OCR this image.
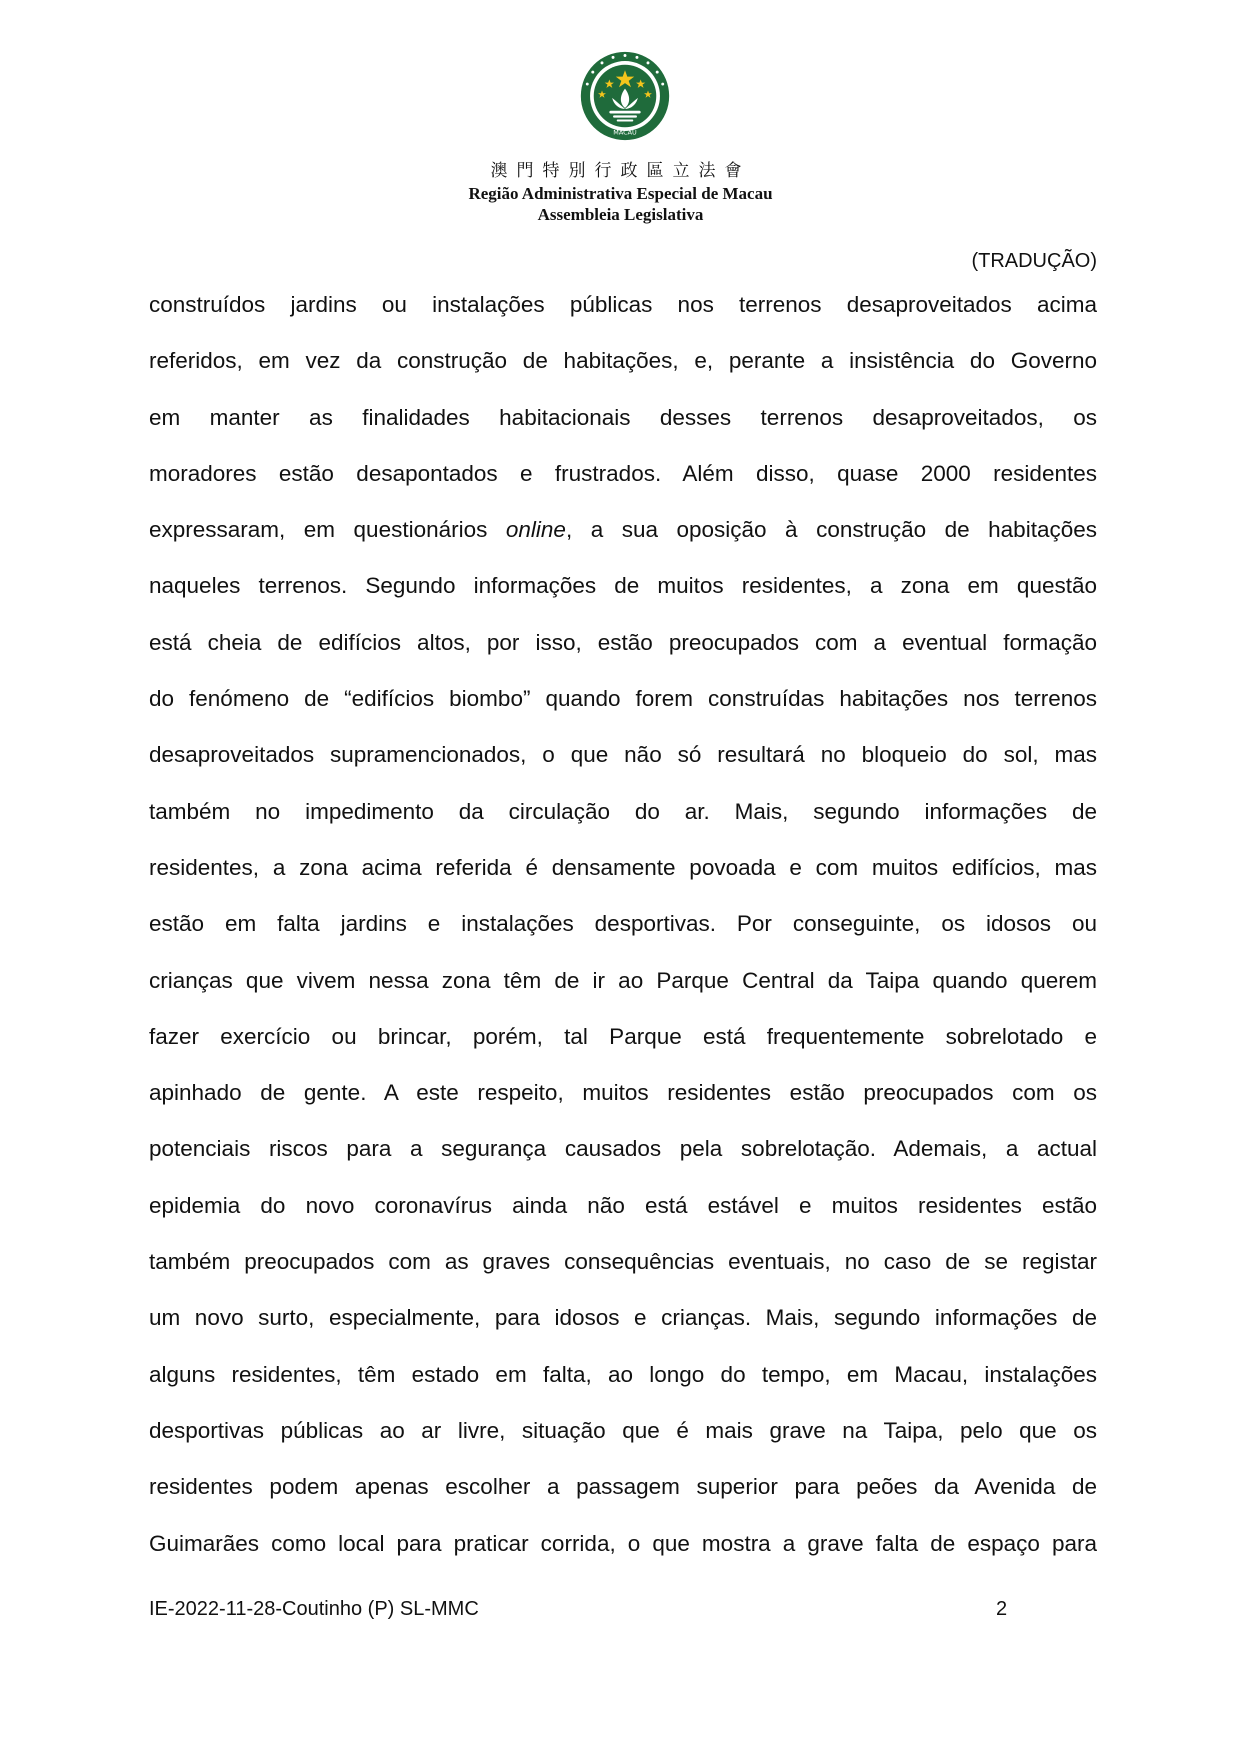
MACAU
澳門特別行政區立法會
Região Administrativa Especial de Macau
Assembleia Legislativa
(TRADUÇÃO)
construídos jardins ou instalações públicas nos terrenos desaproveitados acima
referidos, em vez da construção de habitações, e, perante a insistência do Governo
em manter as finalidades habitacionais desses terrenos desaproveitados, os
moradores estão desapontados e frustrados. Além disso, quase 2000 residentes
expressaram, em questionários online, a sua oposição à construção de habitações
naqueles terrenos. Segundo informações de muitos residentes, a zona em questão
está cheia de edifícios altos, por isso, estão preocupados com a eventual formação
do fenómeno de “edifícios biombo” quando forem construídas habitações nos terrenos
desaproveitados supramencionados, o que não só resultará no bloqueio do sol, mas
também no impedimento da circulação do ar. Mais, segundo informações de
residentes, a zona acima referida é densamente povoada e com muitos edifícios, mas
estão em falta jardins e instalações desportivas. Por conseguinte, os idosos ou
crianças que vivem nessa zona têm de ir ao Parque Central da Taipa quando querem
fazer exercício ou brincar, porém, tal Parque está frequentemente sobrelotado e
apinhado de gente. A este respeito, muitos residentes estão preocupados com os
potenciais riscos para a segurança causados pela sobrelotação. Ademais, a actual
epidemia do novo coronavírus ainda não está estável e muitos residentes estão
também preocupados com as graves consequências eventuais, no caso de se registar
um novo surto, especialmente, para idosos e crianças. Mais, segundo informações de
alguns residentes, têm estado em falta, ao longo do tempo, em Macau, instalações
desportivas públicas ao ar livre, situação que é mais grave na Taipa, pelo que os
residentes podem apenas escolher a passagem superior para peões da Avenida de
Guimarães como local para praticar corrida, o que mostra a grave falta de espaço para
IE-2022-11-28-Coutinho (P) SL-MMC	2
